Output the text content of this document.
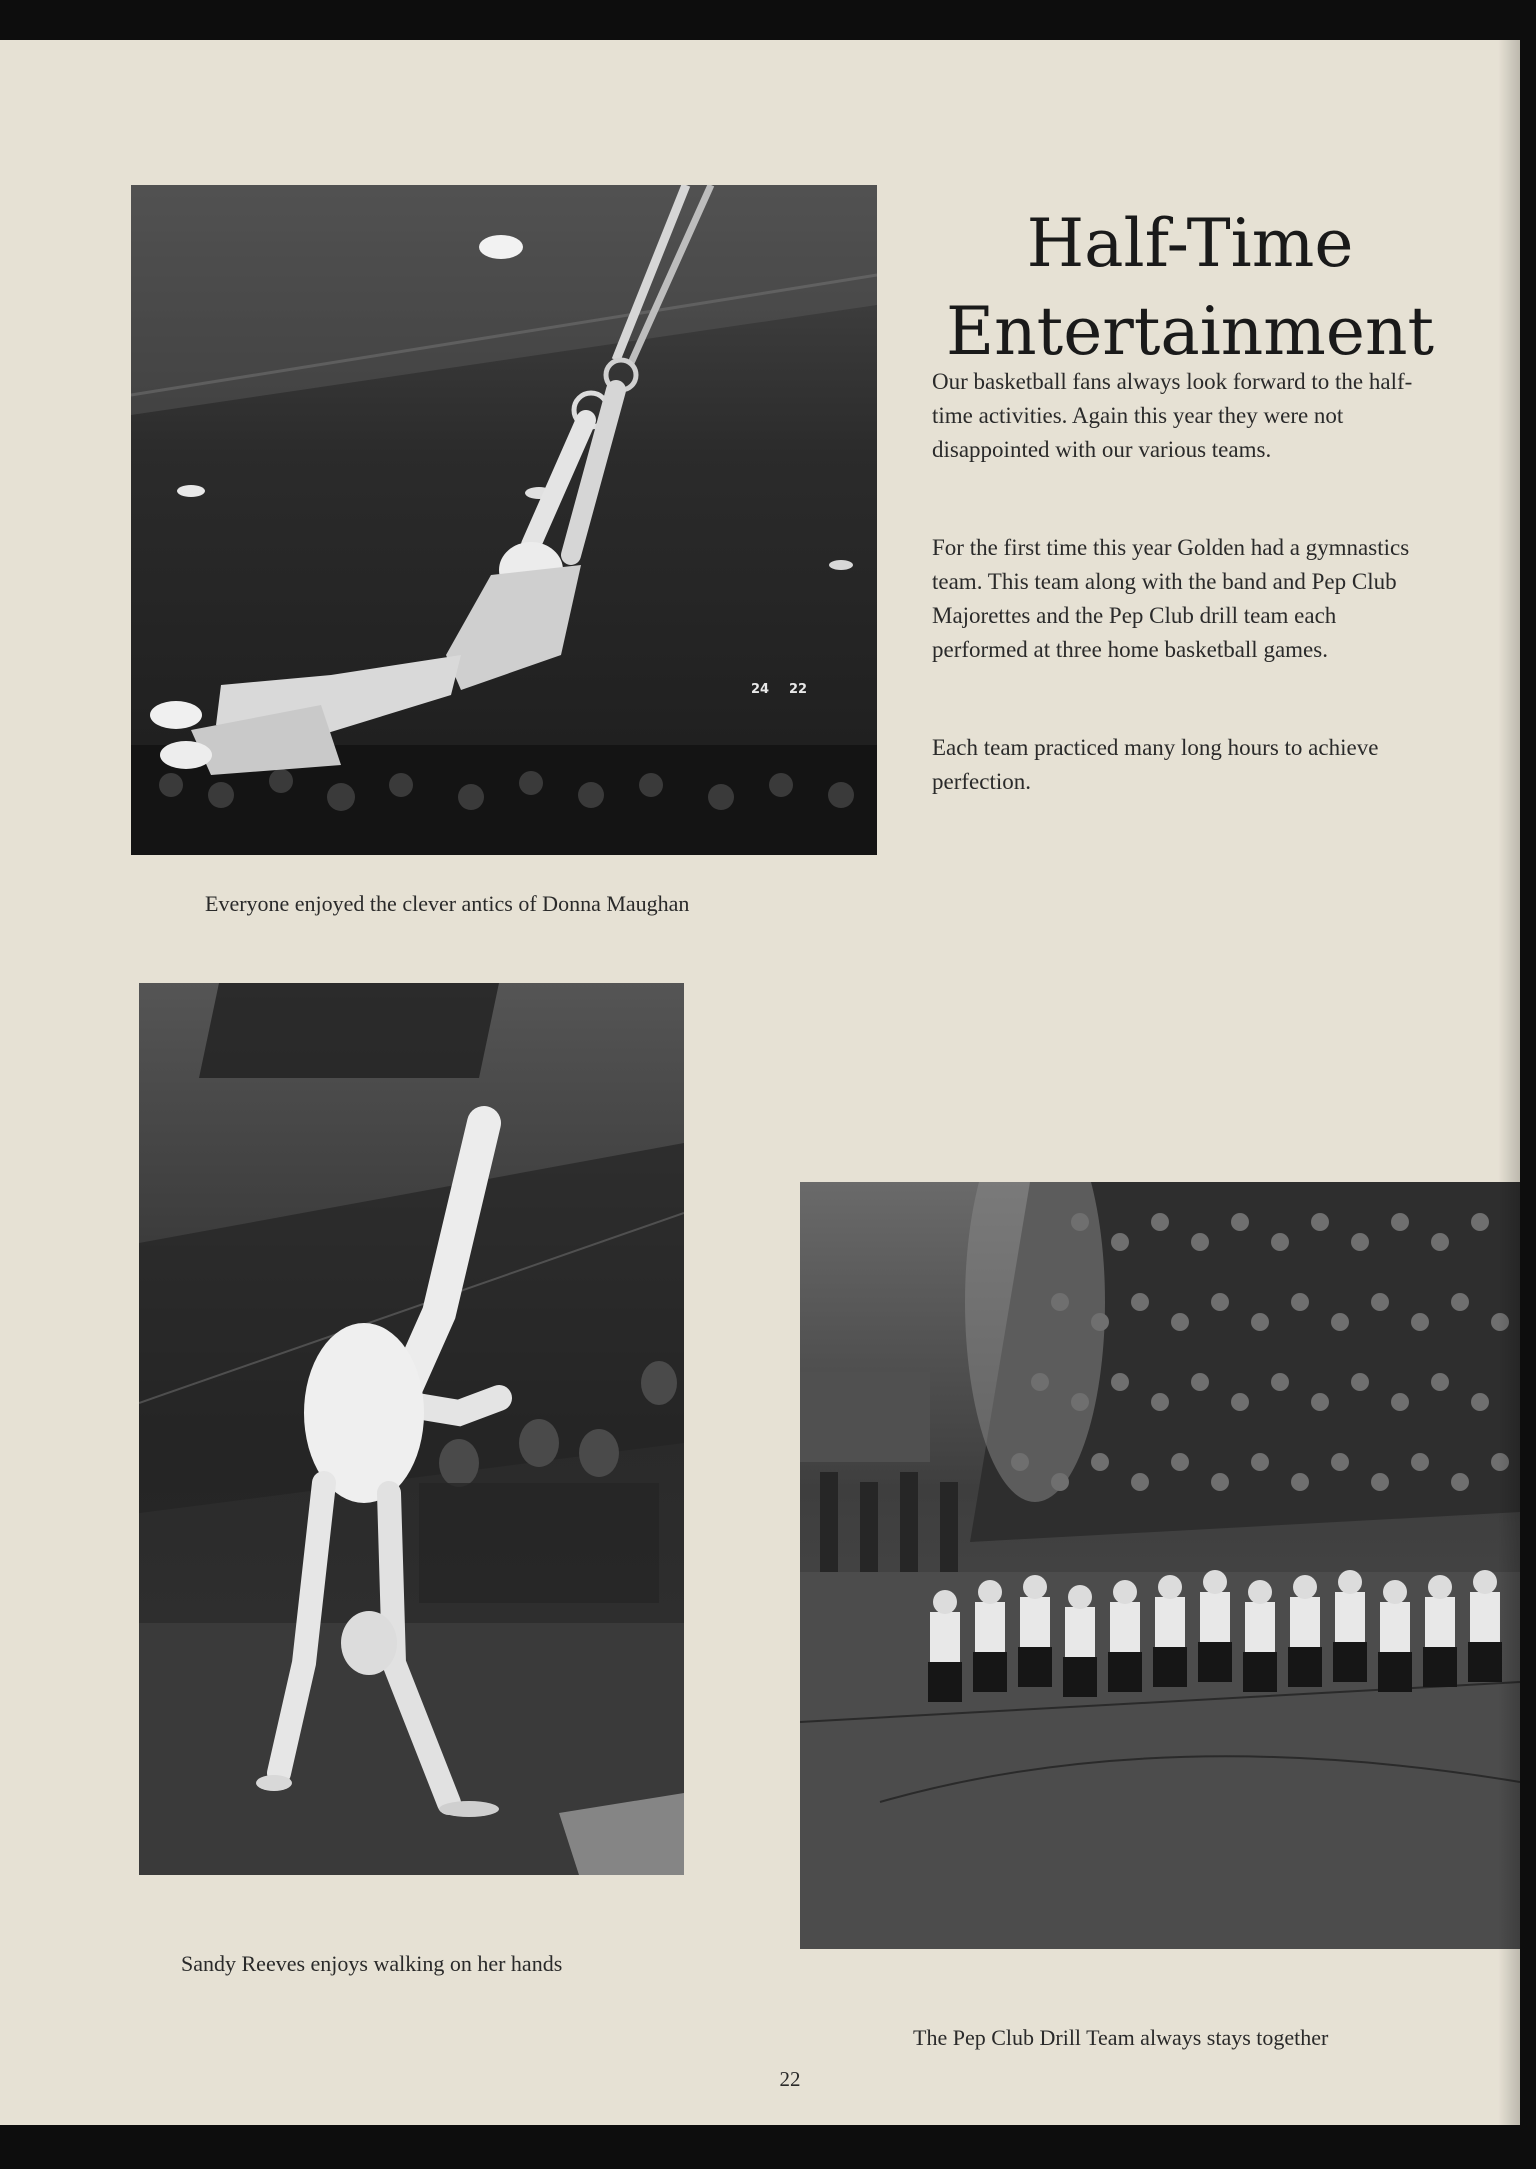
24 22
Half-Time
Entertainment

Our basketball fans always look forward to the half-time activities. Again this year they were not disappointed with our various teams.

For the first time this year Golden had a gymnastics team. This team along with the band and Pep Club Majorettes and the Pep Club drill team each performed at three home basketball games.

Each team practiced many long hours to achieve perfection.

Everyone enjoyed the clever antics of Donna Maughan

Sandy Reeves enjoys walking on her hands

The Pep Club Drill Team always stays together

22
